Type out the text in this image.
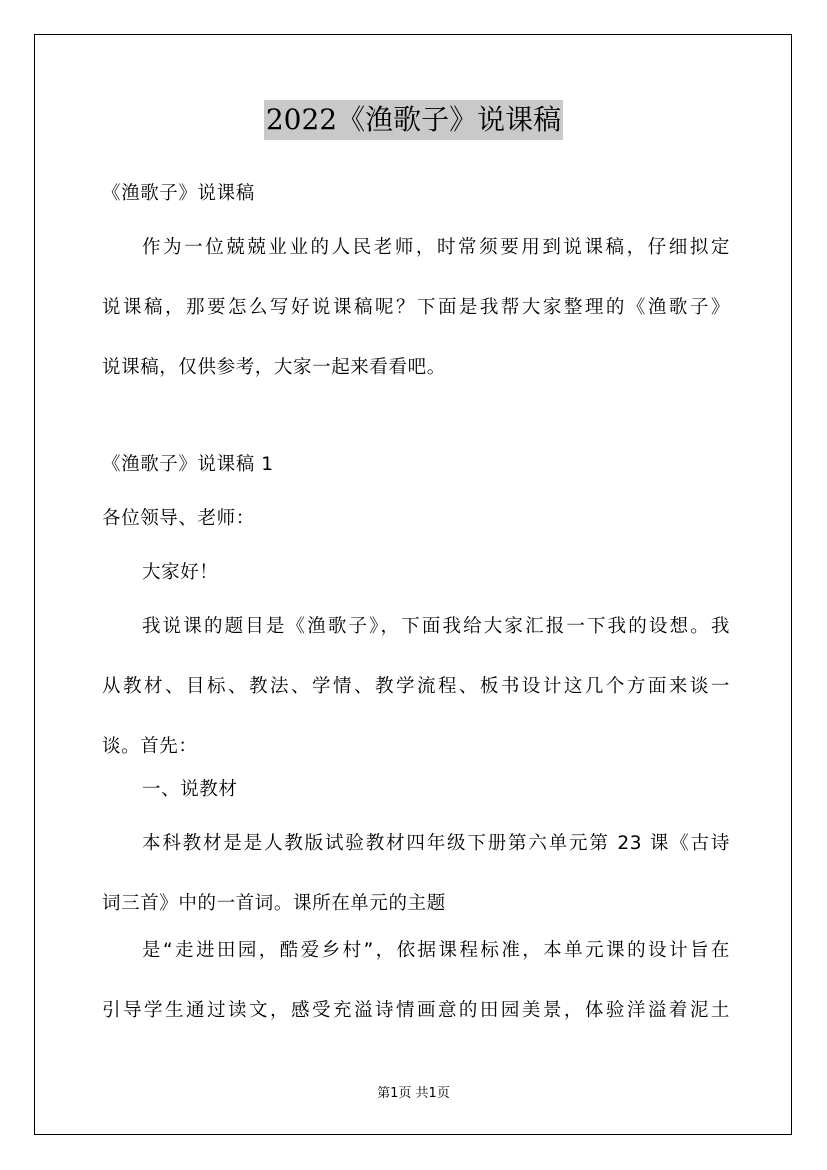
2022《渔歌子》说课稿

《渔歌子》说课稿

作为一位兢兢业业的人民老师，时常须要用到说课稿，仔细拟定
说课稿，那要怎么写好说课稿呢？下面是我帮大家整理的《渔歌子》
说课稿，仅供参考，大家一起来看看吧。

《渔歌子》说课稿 1

各位领导、老师：

大家好！

我说课的题目是《渔歌子》，下面我给大家汇报一下我的设想。我
从教材、目标、教法、学情、教学流程、板书设计这几个方面来谈一
谈。首先：

一、说教材

本科教材是是人教版试验教材四年级下册第六单元第 23 课《古诗
词三首》中的一首词。课所在单元的主题

是“走进田园，酷爱乡村”，依据课程标准，本单元课的设计旨在
引导学生通过读文，感受充溢诗情画意的田园美景，体验洋溢着泥土

第1页 共1页
